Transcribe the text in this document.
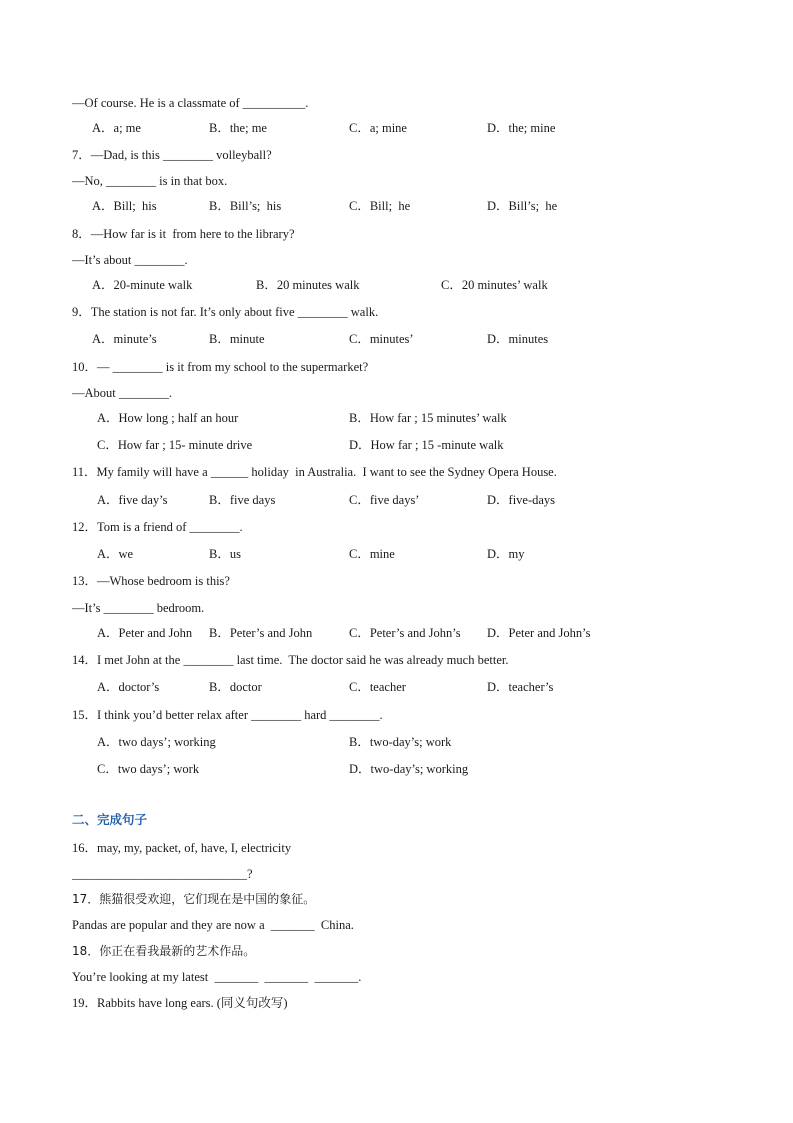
—Of course. He is a classmate of __________.
A．a; me	B．the; me	C．a; mine	D．the; mine
7．—Dad, is this ________ volleyball?
—No, ________ is in that box.
A．Bill;  his	B．Bill’s;  his	C．Bill;  he	D．Bill’s;  he
8．—How far is it  from here to the library?
—It’s about ________.
A．20-minute walk	B．20 minutes walk	C．20 minutes’ walk
9．The station is not far. It’s only about five ________ walk.
A．minute’s	B．minute	C．minutes’	D．minutes
10．— ________ is it from my school to the supermarket?
—About ________.
A．How long ; half an hour	B．How far ; 15 minutes’ walk
C．How far ; 15- minute drive	D．How far ; 15 -minute walk
11．My family will have a ______ holiday  in Australia.  I want to see the Sydney Opera House.
A．five day’s	B．five days	C．five days’	D．five-days
12．Tom is a friend of ________.
A．we	B．us	C．mine	D．my
13．—Whose bedroom is this?
—It’s ________ bedroom.
A．Peter and John B．Peter’s and John	C．Peter’s and John’s D．Peter and John’s
14．I met John at the ________ last time.  The doctor said he was already much better.
A．doctor’s	B．doctor	C．teacher	D．teacher’s
15．I think you’d better relax after ________ hard ________.
A．two days’; working	B．two-day’s; work
C．two days’; work	D．two-day’s; working
二、完成句子
16．may, my, packet, of, have, I, electricity
____________________________?
17．熊猫很受欢迎，它们现在是中国的象征。
Pandas are popular and they are now a  _______  China.
18．你正在看我最新的艺术作品。
You’re looking at my latest  _______  _______  _______.
19．Rabbits have long ears. (同义句改写)
